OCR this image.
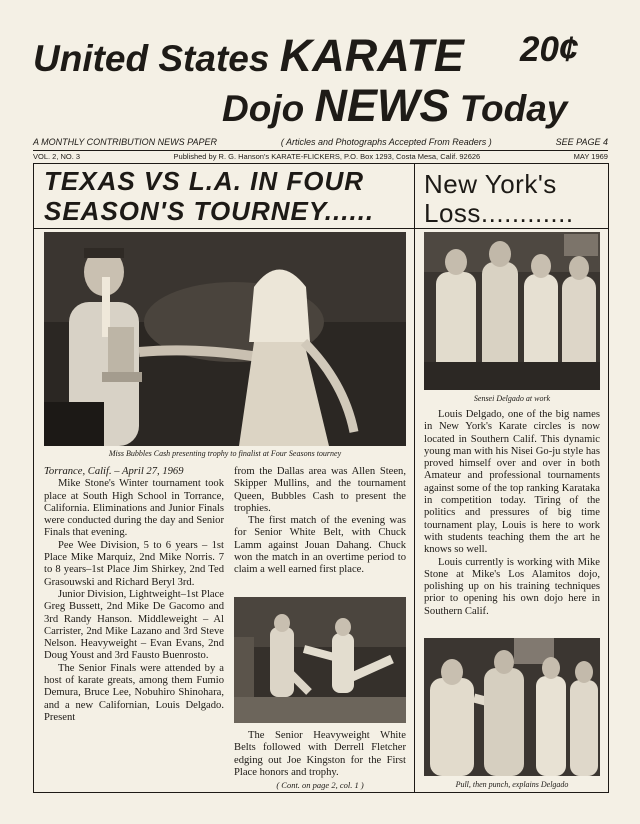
United States KARATE 20¢
Dojo NEWS Today
A MONTHLY CONTRIBUTION NEWS PAPER	( Articles and Photographs Accepted From Readers )	SEE PAGE 4
VOL. 2, NO. 3	Published by R. G. Hanson's KARATE-FLICKERS, P.O. Box 1293, Costa Mesa, Calif. 92626	MAY 1969
TEXAS VS L.A. IN FOUR
SEASON'S TOURNEY......
New York's
Loss............
Miss Bubbles Cash presenting trophy to finalist at Four Seasons tourney

Torrance, Calif. – April 27, 1969

Mike Stone's Winter tournament took place at South High School in Torrance, California. Eliminations and Junior Finals were conducted during the day and Senior Finals that evening.

Pee Wee Division, 5 to 6 years – 1st Place Mike Marquiz, 2nd Mike Norris. 7 to 8 years–1st Place Jim Shirkey, 2nd Ted Grasouwski and Richard Beryl 3rd.

Junior Division, Lightweight–1st Place Greg Bussett, 2nd Mike De Gacomo and 3rd Randy Hanson. Middleweight – Al Carrister, 2nd Mike Lazano and 3rd Steve Nelson. Heavyweight – Evan Evans, 2nd Doug Youst and 3rd Fausto Buenrosto.

The Senior Finals were attended by a host of karate greats, among them Fumio Demura, Bruce Lee, Nobuhiro Shinohara, and a new Californian, Louis Delgado. Present

from the Dallas area was Allen Steen, Skipper Mullins, and the tournament Queen, Bubbles Cash to present the trophies.

The first match of the evening was for Senior White Belt, with Chuck Lamm against Jouan Dahang. Chuck won the match in an overtime period to claim a well earned first place.

The Senior Heavyweight White Belts followed with Derrell Fletcher edging out Joe Kingston for the First Place honors and trophy.

( Cont. on page 2, col. 1 )
Sensei Delgado at work

Louis Delgado, one of the big names in New York's Karate circles is now located in Southern Calif. This dynamic young man with his Nisei Go-ju style has proved himself over and over in both Amateur and professional tournaments against some of the top ranking Karataka in competition today. Tiring of the politics and pressures of big time tournament play, Louis is here to work with students teaching them the art he knows so well.

Louis currently is working with Mike Stone at Mike's Los Alamitos dojo, polishing up on his training techniques prior to opening his own dojo here in Southern Calif.

Pull, then punch, explains Delgado
